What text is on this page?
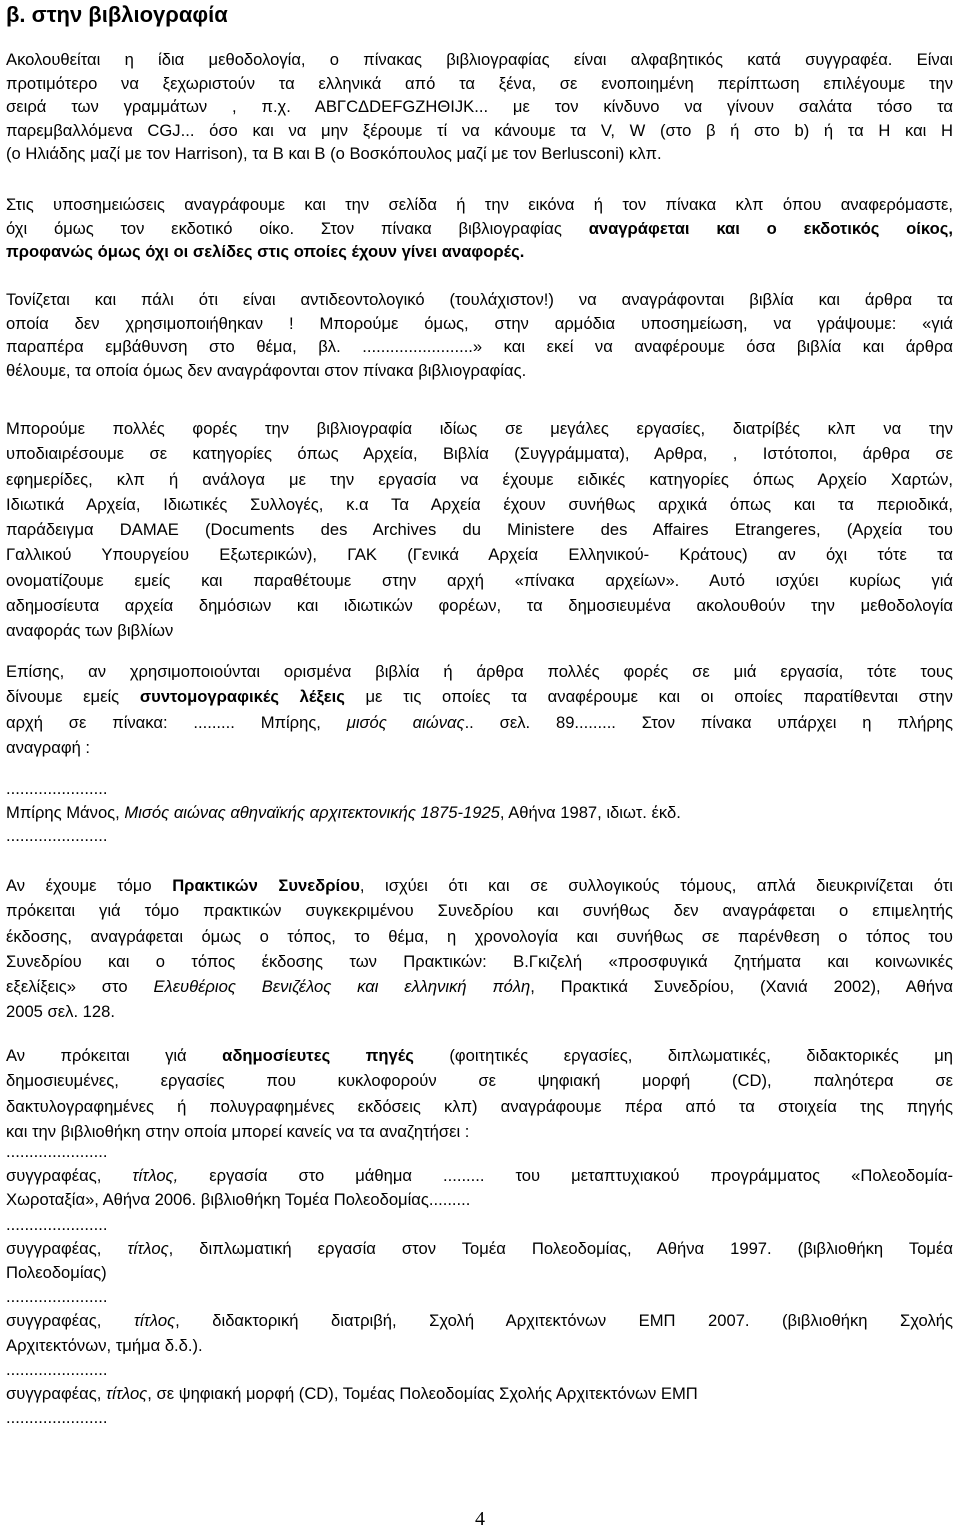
β. στην βιβλιογραφία
Ακολουθείται η ίδια μεθοδολογία, ο πίνακας βιβλιογραφίας είναι αλφαβητικός κατά συγγραφέα. Είναι
προτιμότερο να ξεχωριστούν τα ελληνικά από τα ξένα, σε ενοποιημένη περίπτωση επιλέγουμε την
σειρά των γραμμάτων , π.χ. ΑΒΓCΔDEFGZHΘIJK... με τον κίνδυνο να γίνουν σαλάτα τόσο τα
παρεμβαλλόμενα CGJ... όσο και να μην ξέρουμε τί να κάνουμε τα V, W (στο β ή στο b) ή τα Η και H
(ο Ηλιάδης μαζί με τον Harrison), τα Β και B (ο Βοσκόπουλος μαζί με τον Berlusconi) κλπ.
Στις υποσημειώσεις αναγράφουμε και την σελίδα ή την εικόνα ή τον πίνακα κλπ όπου αναφερόμαστε,
όχι όμως τον εκδοτικό οίκο. Στον πίνακα βιβλιογραφίας αναγράφεται και ο εκδοτικός οίκος,
προφανώς όμως όχι οι σελίδες στις οποίες έχουν γίνει αναφορές.
Τονίζεται και πάλι ότι είναι αντιδεοντολογικό (τουλάχιστον!) να αναγράφονται βιβλία και άρθρα τα
οποία δεν χρησιμοποιήθηκαν ! Μπορούμε όμως, στην αρμόδια υποσημείωση, να γράψουμε: «γιά
παραπέρα εμβάθυνση στο θέμα, βλ. ........................» και εκεί να αναφέρουμε όσα βιβλία και άρθρα
θέλουμε, τα οποία όμως δεν αναγράφονται στον πίνακα βιβλιογραφίας.
Μπορούμε πολλές φορές την βιβλιογραφία ιδίως σε μεγάλες εργασίες, διατρίβές κλπ να την
υποδιαιρέσουμε σε κατηγορίες όπως Αρχεία, Βιβλία (Συγγράμματα), Αρθρα, , Ιστότοποι, άρθρα σε
εφημερίδες, κλπ ή ανάλογα με την εργασία να έχουμε ειδικές κατηγορίες όπως Αρχείο Χαρτών,
Ιδιωτικά Αρχεία, Ιδιωτικές Συλλογές, κ.α Τα Αρχεία έχουν συνήθως αρχικά όπως και τα περιοδικά,
παράδειγμα DAMAE (Documents des Archives du Ministere des Affaires Etrangeres, (Αρχεία του
Γαλλικού Υπουργείου Εξωτερικών), ΓΑΚ (Γενικά Αρχεία Ελληνικού- Κράτους) αν όχι τότε τα
ονοματίζουμε εμείς και παραθέτουμε στην αρχή «πίνακα αρχείων». Αυτό ισχύει κυρίως γιά
αδημοσίευτα αρχεία δημόσιων και ιδιωτικών φορέων, τα δημοσιευμένα ακολουθούν την μεθοδολογία
αναφοράς των βιβλίων
Επίσης, αν χρησιμοποιούνται ορισμένα βιβλία ή άρθρα πολλές φορές σε μιά εργασία, τότε τους
δίνουμε εμείς συντομογραφικές λέξεις με τις οποίες τα αναφέρουμε και οι οποίες παρατίθενται στην
αρχή σε πίνακα: ......... Μπίρης, μισός αιώνας.. σελ. 89......... Στον πίνακα υπάρχει η πλήρης
αναγραφή :
......................
Μπίρης Μάνος, Μισός αιώνας αθηναϊκής αρχιτεκτονικής 1875-1925, Αθήνα 1987, ιδιωτ. έκδ.
......................
Αν έχουμε τόμο Πρακτικών Συνεδρίου, ισχύει ότι και σε συλλογικούς τόμους, απλά διευκρινίζεται ότι
πρόκειται γιά τόμο πρακτικών συγκεκριμένου Συνεδρίου και συνήθως δεν αναγράφεται ο επιμελητής
έκδοσης, αναγράφεται όμως ο τόπος, το θέμα, η χρονολογία και συνήθως σε παρένθεση ο τόπος του
Συνεδρίου και ο τόπος έκδοσης των Πρακτικών: Β.Γκιζελή «προσφυγικά ζητήματα και κοινωνικές
εξελίξεις» στο Ελευθέριος Βενιζέλος και ελληνική πόλη, Πρακτικά Συνεδρίου, (Χανιά 2002), Αθήνα
2005 σελ. 128.
Αν πρόκειται γιά αδημοσίευτες πηγές (φοιτητικές εργασίες, διπλωματικές, διδακτορικές μη
δημοσιευμένες, εργασίες που κυκλοφορούν σε ψηφιακή μορφή (CD), παληότερα σε
δακτυλογραφημένες ή πολυγραφημένες εκδόσεις κλπ) αναγράφουμε πέρα από τα στοιχεία της πηγής
και την βιβλιοθήκη στην οποία μπορεί κανείς να τα αναζητήσει :
......................
συγγραφέας, τίτλος, εργασία στο μάθημα ......... του μεταπτυχιακού προγράμματος «Πολεοδομία-
Χωροταξία», Αθήνα 2006. βιβλιοθήκη Τομέα Πολεοδομίας.........
......................
συγγραφέας, τίτλος, διπλωματική εργασία στον Τομέα Πολεοδομίας, Αθήνα 1997. (βιβλιοθήκη Τομέα
Πολεοδομίας)
......................
συγγραφέας, τίτλος, διδακτορική διατριβή, Σχολή Αρχιτεκτόνων ΕΜΠ 2007. (βιβλιοθήκη Σχολής
Αρχιτεκτόνων, τμήμα δ.δ.).
......................
συγγραφέας, τίτλος, σε ψηφιακή μορφή (CD), Τομέας Πολεοδομίας Σχολής Αρχιτεκτόνων ΕΜΠ
......................
4
